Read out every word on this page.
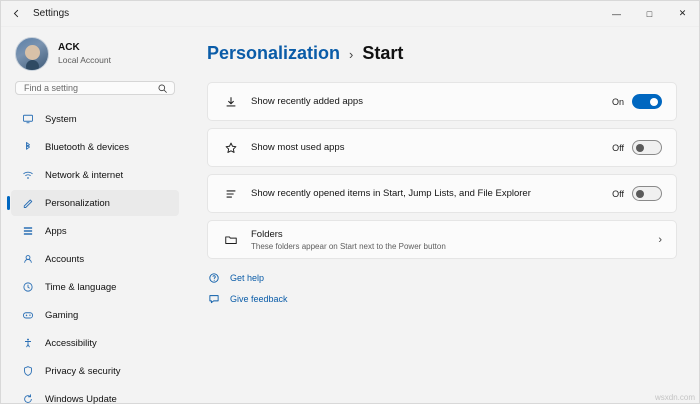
Settings	—	□	✕
ACK
Local Account
Find a setting
System
Bluetooth & devices
Network & internet
Personalization
Apps
Accounts
Time & language
Gaming
Accessibility
Privacy & security
Windows Update
Personalization › Start
Show recently added apps	On
Show most used apps	Off
Show recently opened items in Start, Jump Lists, and File Explorer	Off
Folders
These folders appear on Start next to the Power button
›
Get help
Give feedback
wsxdn.com
